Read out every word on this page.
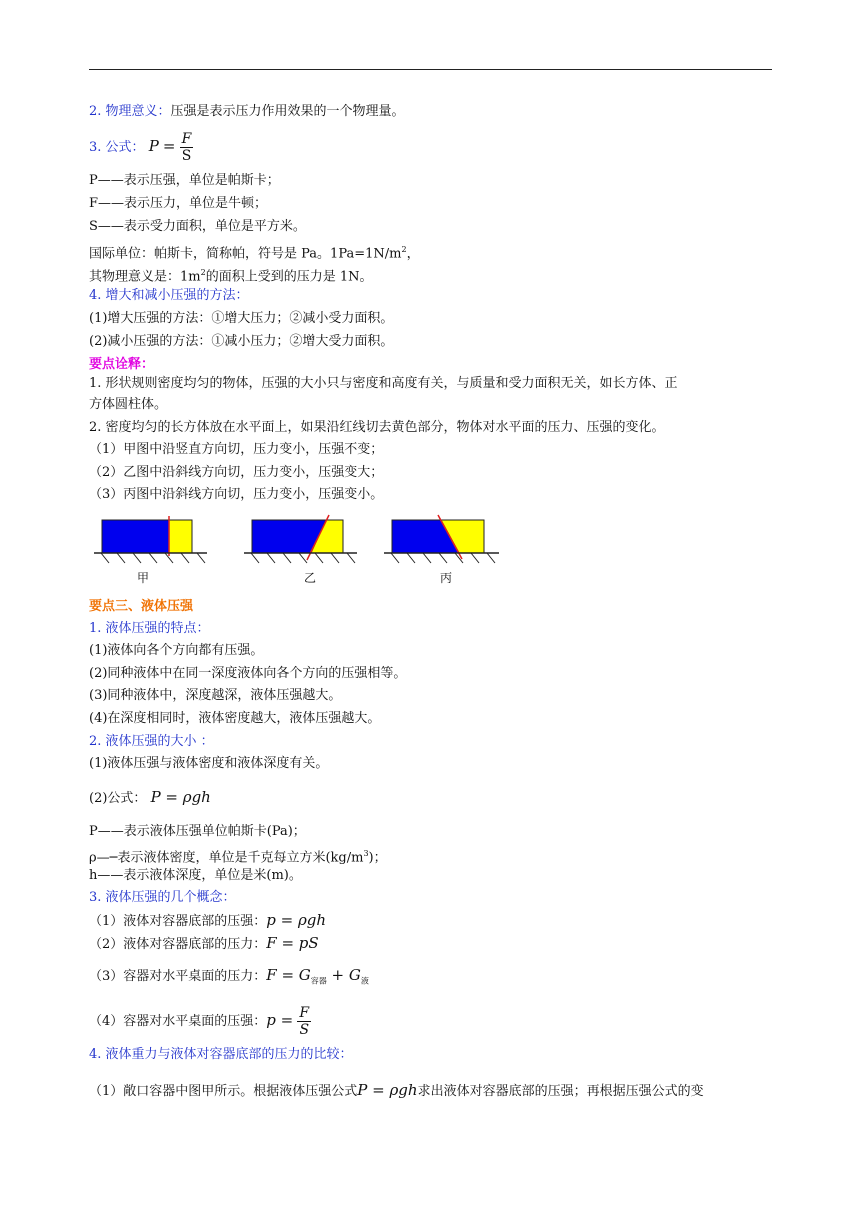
2. 物理意义：压强是表示压力作用效果的一个物理量。
3. 公式： $P = \frac{F}{S}$
P——表示压强，单位是帕斯卡；
F——表示压力，单位是牛顿；
S——表示受力面积，单位是平方米。
国际单位：帕斯卡，简称帕，符号是 Pa。$1Pa=1N/m^2$，
其物理意义是：$1m^2$的面积上受到的压力是 1N。
4. 增大和减小压强的方法：
(1)增大压强的方法：①增大压力；②减小受力面积。
(2)减小压强的方法：①减小压力；②增大受力面积。
要点诠释：
1. 形状规则密度均匀的物体，压强的大小只与密度和高度有关，与质量和受力面积无关，如长方体、正
方体圆柱体。
2. 密度均匀的长方体放在水平面上，如果沿红线切去黄色部分，物体对水平面的压力、压强的变化。
（1）甲图中沿竖直方向切，压力变小，压强不变；
（2）乙图中沿斜线方向切，压力变小，压强变大；
（3）丙图中沿斜线方向切，压力变小，压强变小。
甲	乙	丙
要点三、液体压强
1. 液体压强的特点：
(1)液体向各个方向都有压强。
(2)同种液体中在同一深度液体向各个方向的压强相等。
(3)同种液体中，深度越深，液体压强越大。
(4)在深度相同时，液体密度越大，液体压强越大。
2. 液体压强的大小 ：
(1)液体压强与液体密度和液体深度有关。
(2)公式： P = ρgh
P——表示液体压强单位帕斯卡(Pa)；
ρ—─表示液体密度，单位是千克每立方米$(kg/m^3)$；
h——表示液体深度，单位是米(m)。
3. 液体压强的几个概念：
（1）液体对容器底部的压强：p = ρgh
（2）液体对容器底部的压力：F = pS
（3）容器对水平桌面的压力：$F = G_{容器} + G_液$
（4）容器对水平桌面的压强：$p = \frac{F}{S}$
4. 液体重力与液体对容器底部的压力的比较：
（1）敞口容器中图甲所示。根据液体压强公式P = ρgh求出液体对容器底部的压强；再根据压强公式的变
